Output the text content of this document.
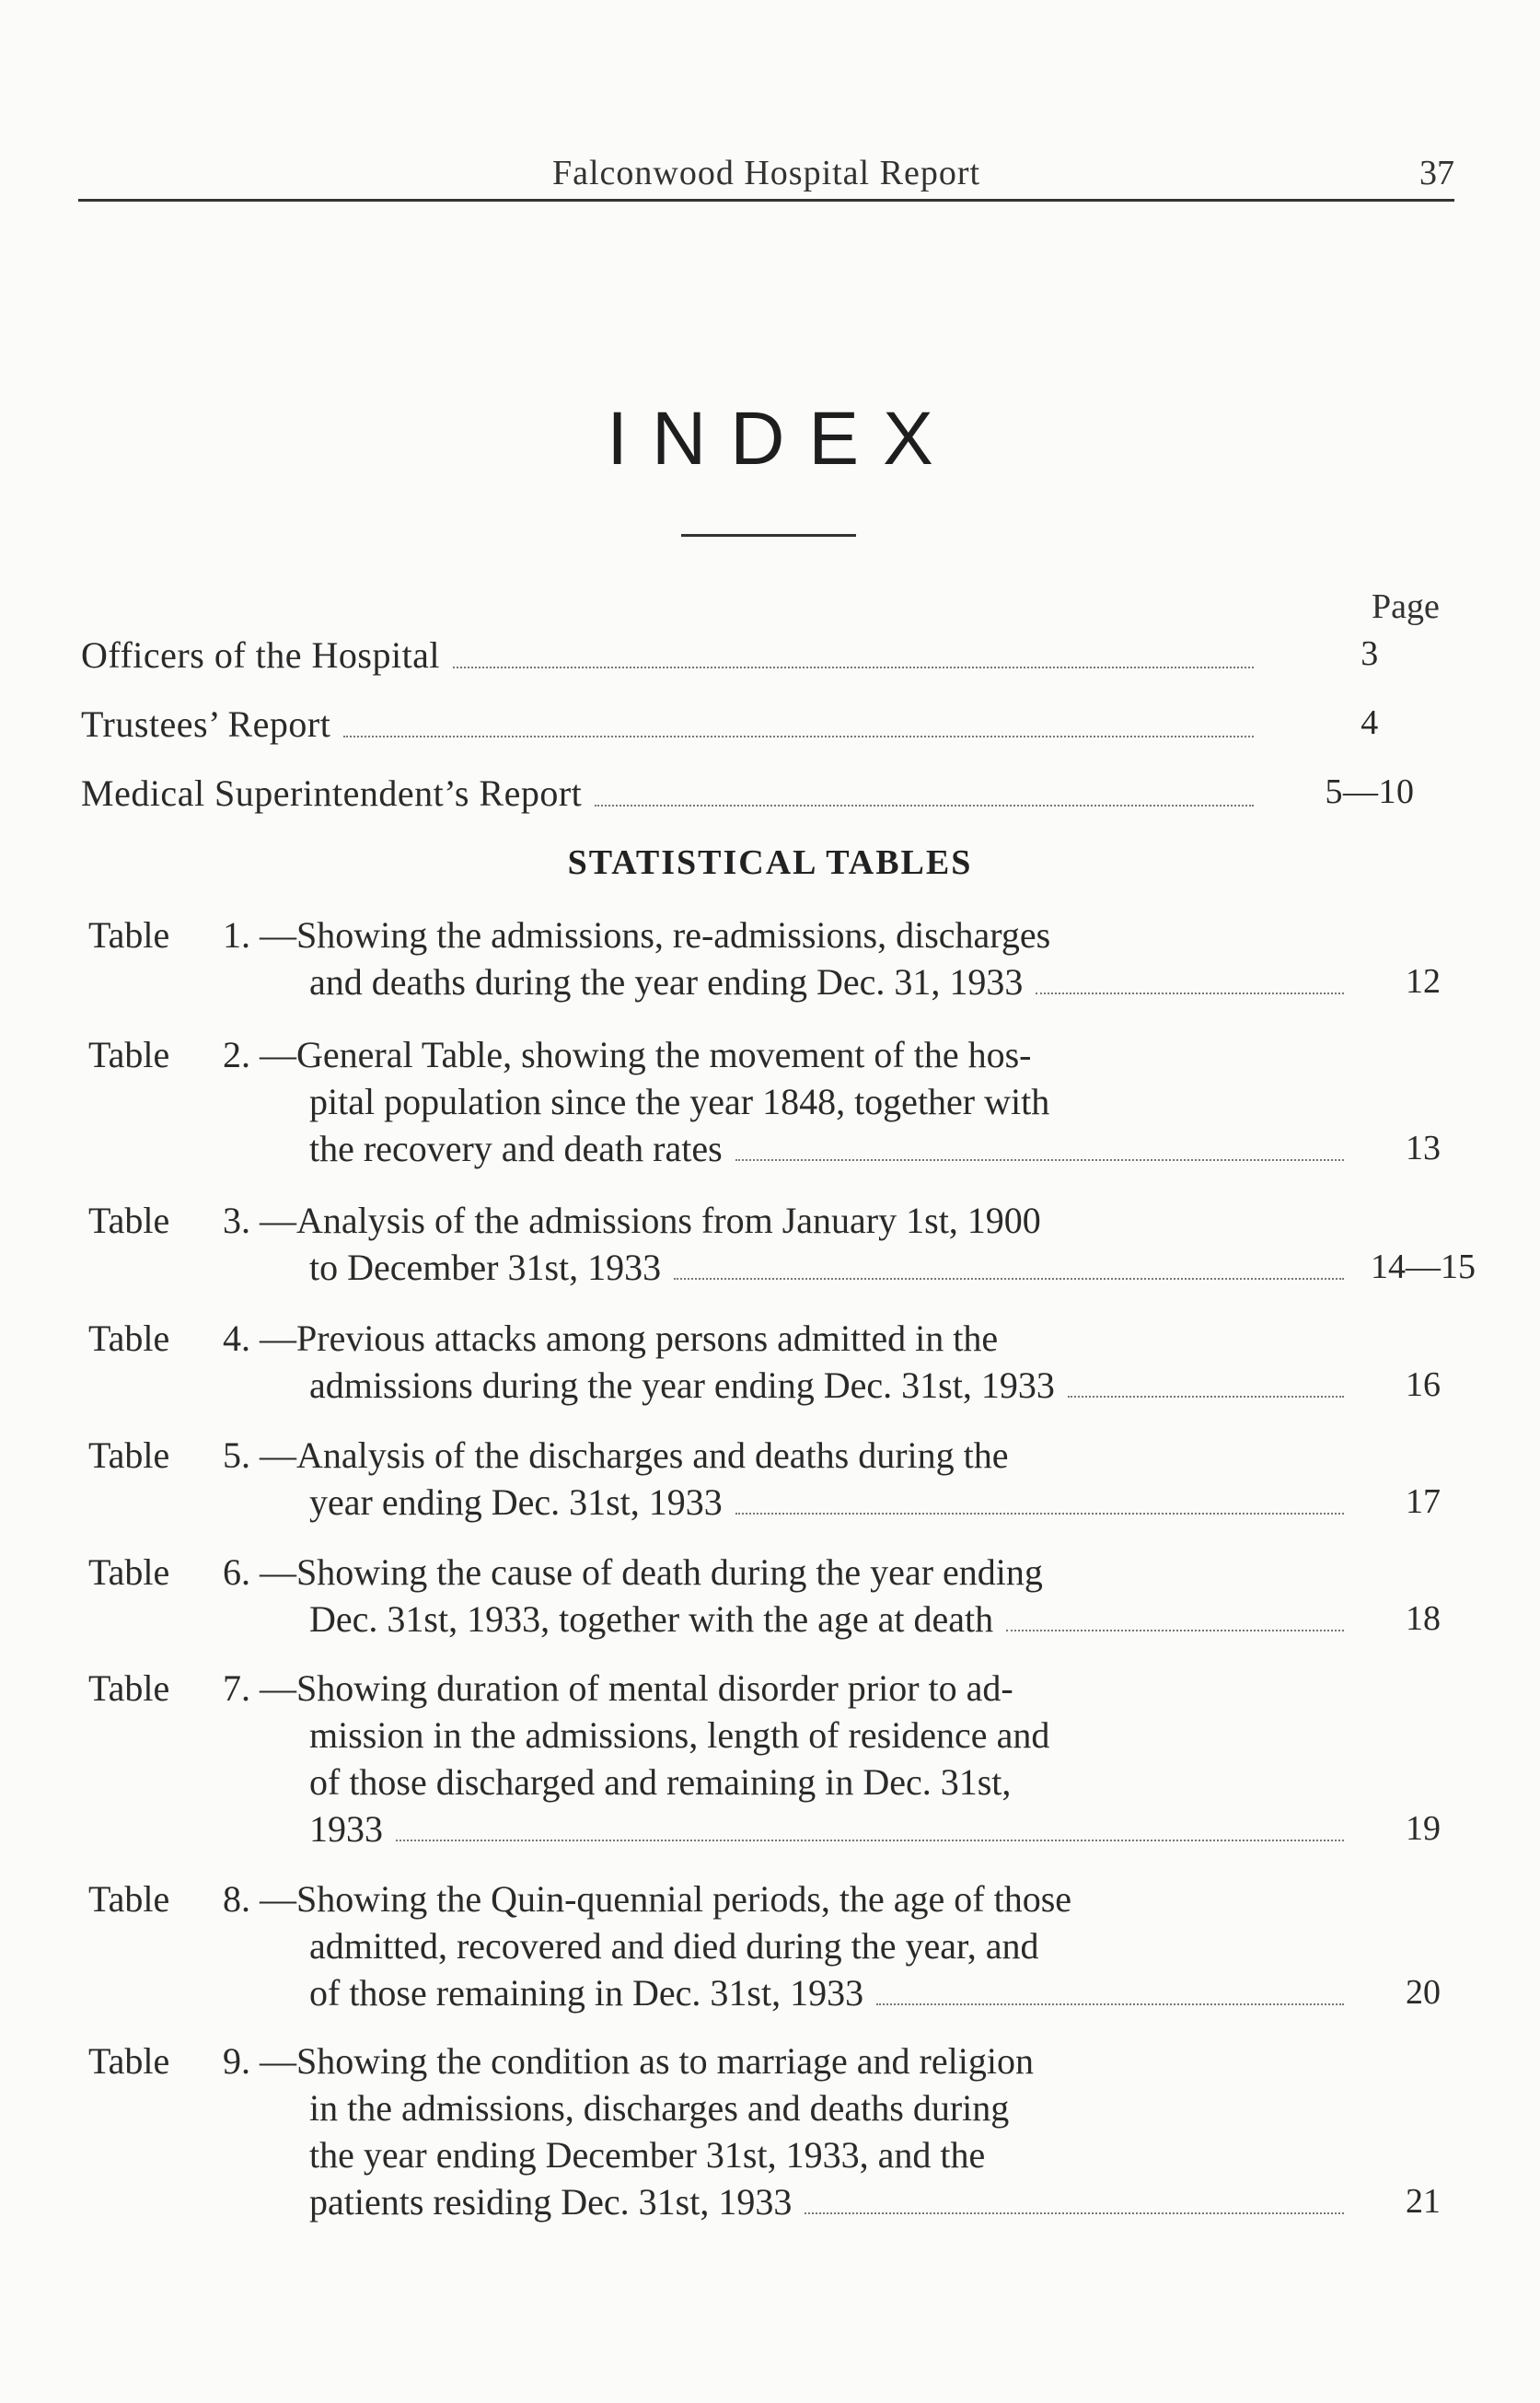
Falconwood Hospital Report	37
INDEX
Page
Officers of the Hospital	3
Trustees’ Report	4
Medical Superintendent’s Report	5—10
STATISTICAL TABLES
Table 1. —Showing the admissions, re-admissions, discharges
and deaths during the year ending Dec. 31, 1933	12
Table 2. —General Table, showing the movement of the hos-
pital population since the year 1848, together with
the recovery and death rates	13
Table 3. —Analysis of the admissions from January 1st, 1900
to December 31st, 1933	14—15
Table 4. —Previous attacks among persons admitted in the
admissions during the year ending Dec. 31st, 1933	16
Table 5. —Analysis of the discharges and deaths during the
year ending Dec. 31st, 1933	17
Table 6. —Showing the cause of death during the year ending
Dec. 31st, 1933, together with the age at death	18
Table 7. —Showing duration of mental disorder prior to ad-
mission in the admissions, length of residence and
of those discharged and remaining in Dec. 31st,
1933	19
Table 8. —Showing the Quin-quennial periods, the age of those
admitted, recovered and died during the year, and
of those remaining in Dec. 31st, 1933	20
Table 9. —Showing the condition as to marriage and religion
in the admissions, discharges and deaths during
the year ending December 31st, 1933, and the
patients residing Dec. 31st, 1933	21
